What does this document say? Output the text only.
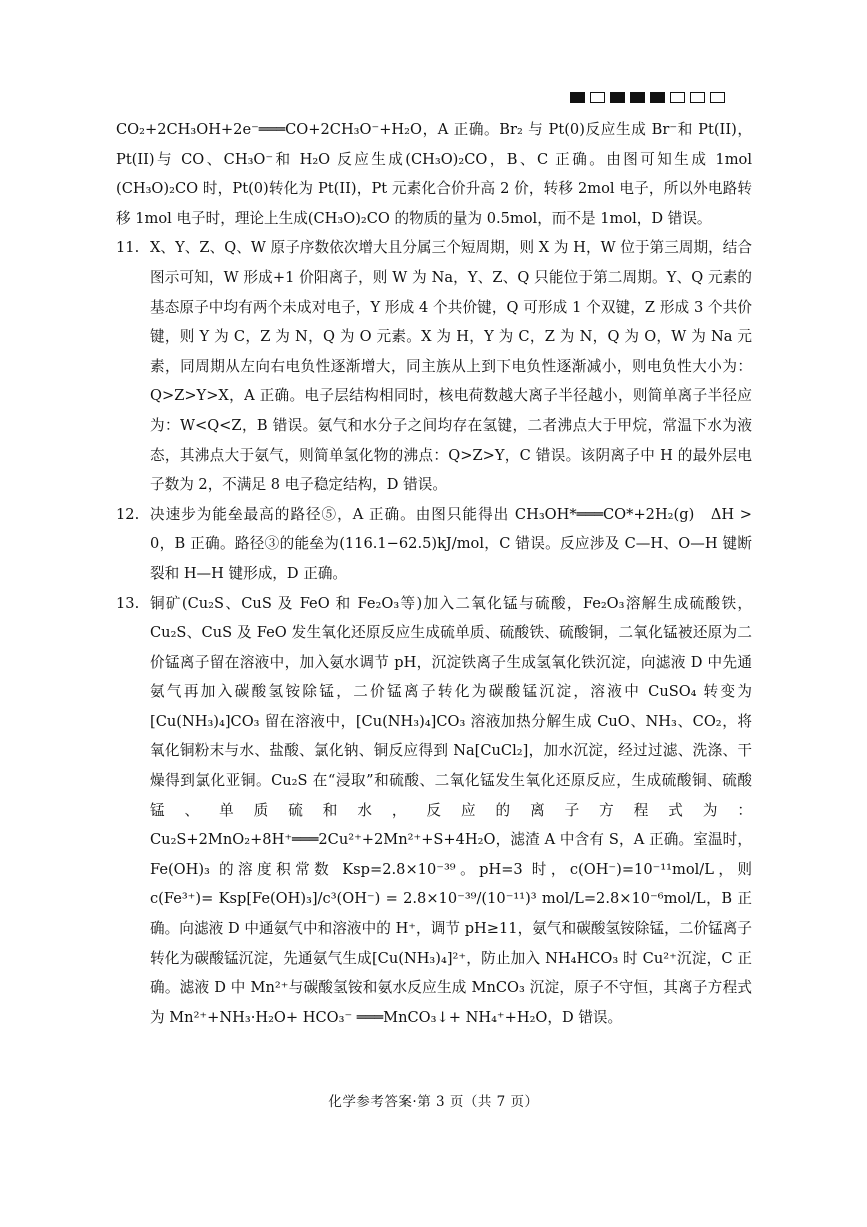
CO₂+2CH₃OH+2e⁻═══CO+2CH₃O⁻+H₂O，A 正确。Br₂ 与 Pt(0)反应生成 Br⁻和 Pt(II)，Pt(II)与 CO、CH₃O⁻和 H₂O 反应生成(CH₃O)₂CO，B、C 正确。由图可知生成 1mol (CH₃O)₂CO 时，Pt(0)转化为 Pt(II)，Pt 元素化合价升高 2 价，转移 2mol 电子，所以外电路转移 1mol 电子时，理论上生成(CH₃O)₂CO 的物质的量为 0.5mol，而不是 1mol，D 错误。

11. X、Y、Z、Q、W 原子序数依次增大且分属三个短周期，则 X 为 H，W 位于第三周期，结合图示可知，W 形成+1 价阳离子，则 W 为 Na，Y、Z、Q 只能位于第二周期。Y、Q 元素的基态原子中均有两个未成对电子，Y 形成 4 个共价键，Q 可形成 1 个双键，Z 形成 3 个共价键，则 Y 为 C，Z 为 N，Q 为 O 元素。X 为 H，Y 为 C，Z 为 N，Q 为 O，W 为 Na 元素，同周期从左向右电负性逐渐增大，同主族从上到下电负性逐渐减小，则电负性大小为：Q>Z>Y>X，A 正确。电子层结构相同时，核电荷数越大离子半径越小，则简单离子半径应为：W<Q<Z，B 错误。氨气和水分子之间均存在氢键，二者沸点大于甲烷，常温下水为液态，其沸点大于氨气，则简单氢化物的沸点：Q>Z>Y，C 错误。该阴离子中 H 的最外层电子数为 2，不满足 8 电子稳定结构，D 错误。
12. 决速步为能垒最高的路径⑤，A 正确。由图只能得出 CH₃OH*═══CO*+2H₂(g)　ΔH > 0，B 正确。路径③的能垒为(116.1−62.5)kJ/mol，C 错误。反应涉及 C—H、O—H 键断裂和 H—H 键形成，D 正确。
13. 铜矿(Cu₂S、CuS 及 FeO 和 Fe₂O₃等)加入二氧化锰与硫酸，Fe₂O₃溶解生成硫酸铁，Cu₂S、CuS 及 FeO 发生氧化还原反应生成硫单质、硫酸铁、硫酸铜，二氧化锰被还原为二价锰离子留在溶液中，加入氨水调节 pH，沉淀铁离子生成氢氧化铁沉淀，向滤液 D 中先通氨气再加入碳酸氢铵除锰，二价锰离子转化为碳酸锰沉淀，溶液中 CuSO₄ 转变为[Cu(NH₃)₄]CO₃ 留在溶液中，[Cu(NH₃)₄]CO₃ 溶液加热分解生成 CuO、NH₃、CO₂，将氧化铜粉末与水、盐酸、氯化钠、铜反应得到 Na[CuCl₂]，加水沉淀，经过过滤、洗涤、干燥得到氯化亚铜。Cu₂S 在“浸取”和硫酸、二氧化锰发生氧化还原反应，生成硫酸铜、硫酸锰、单质硫和水，反应的离子方程式为：Cu₂S+2MnO₂+8H⁺═══2Cu²⁺+2Mn²⁺+S+4H₂O，滤渣 A 中含有 S，A 正确。室温时，Fe(OH)₃ 的溶度积常数 Ksp=2.8×10⁻³⁹。pH=3 时，c(OH⁻)=10⁻¹¹mol/L，则 c(Fe³⁺)= Ksp[Fe(OH)₃]/c³(OH⁻) = 2.8×10⁻³⁹/(10⁻¹¹)³ mol/L=2.8×10⁻⁶mol/L，B 正确。向滤液 D 中通氨气中和溶液中的 H⁺，调节 pH≥11，氨气和碳酸氢铵除锰，二价锰离子转化为碳酸锰沉淀，先通氨气生成[Cu(NH₃)₄]²⁺，防止加入 NH₄HCO₃ 时 Cu²⁺沉淀，C 正确。滤液 D 中 Mn²⁺与碳酸氢铵和氨水反应生成 MnCO₃ 沉淀，原子不守恒，其离子方程式为 Mn²⁺+NH₃·H₂O+ HCO₃⁻ ═══MnCO₃↓+ NH₄⁺+H₂O，D 错误。
化学参考答案·第 3 页（共 7 页）
